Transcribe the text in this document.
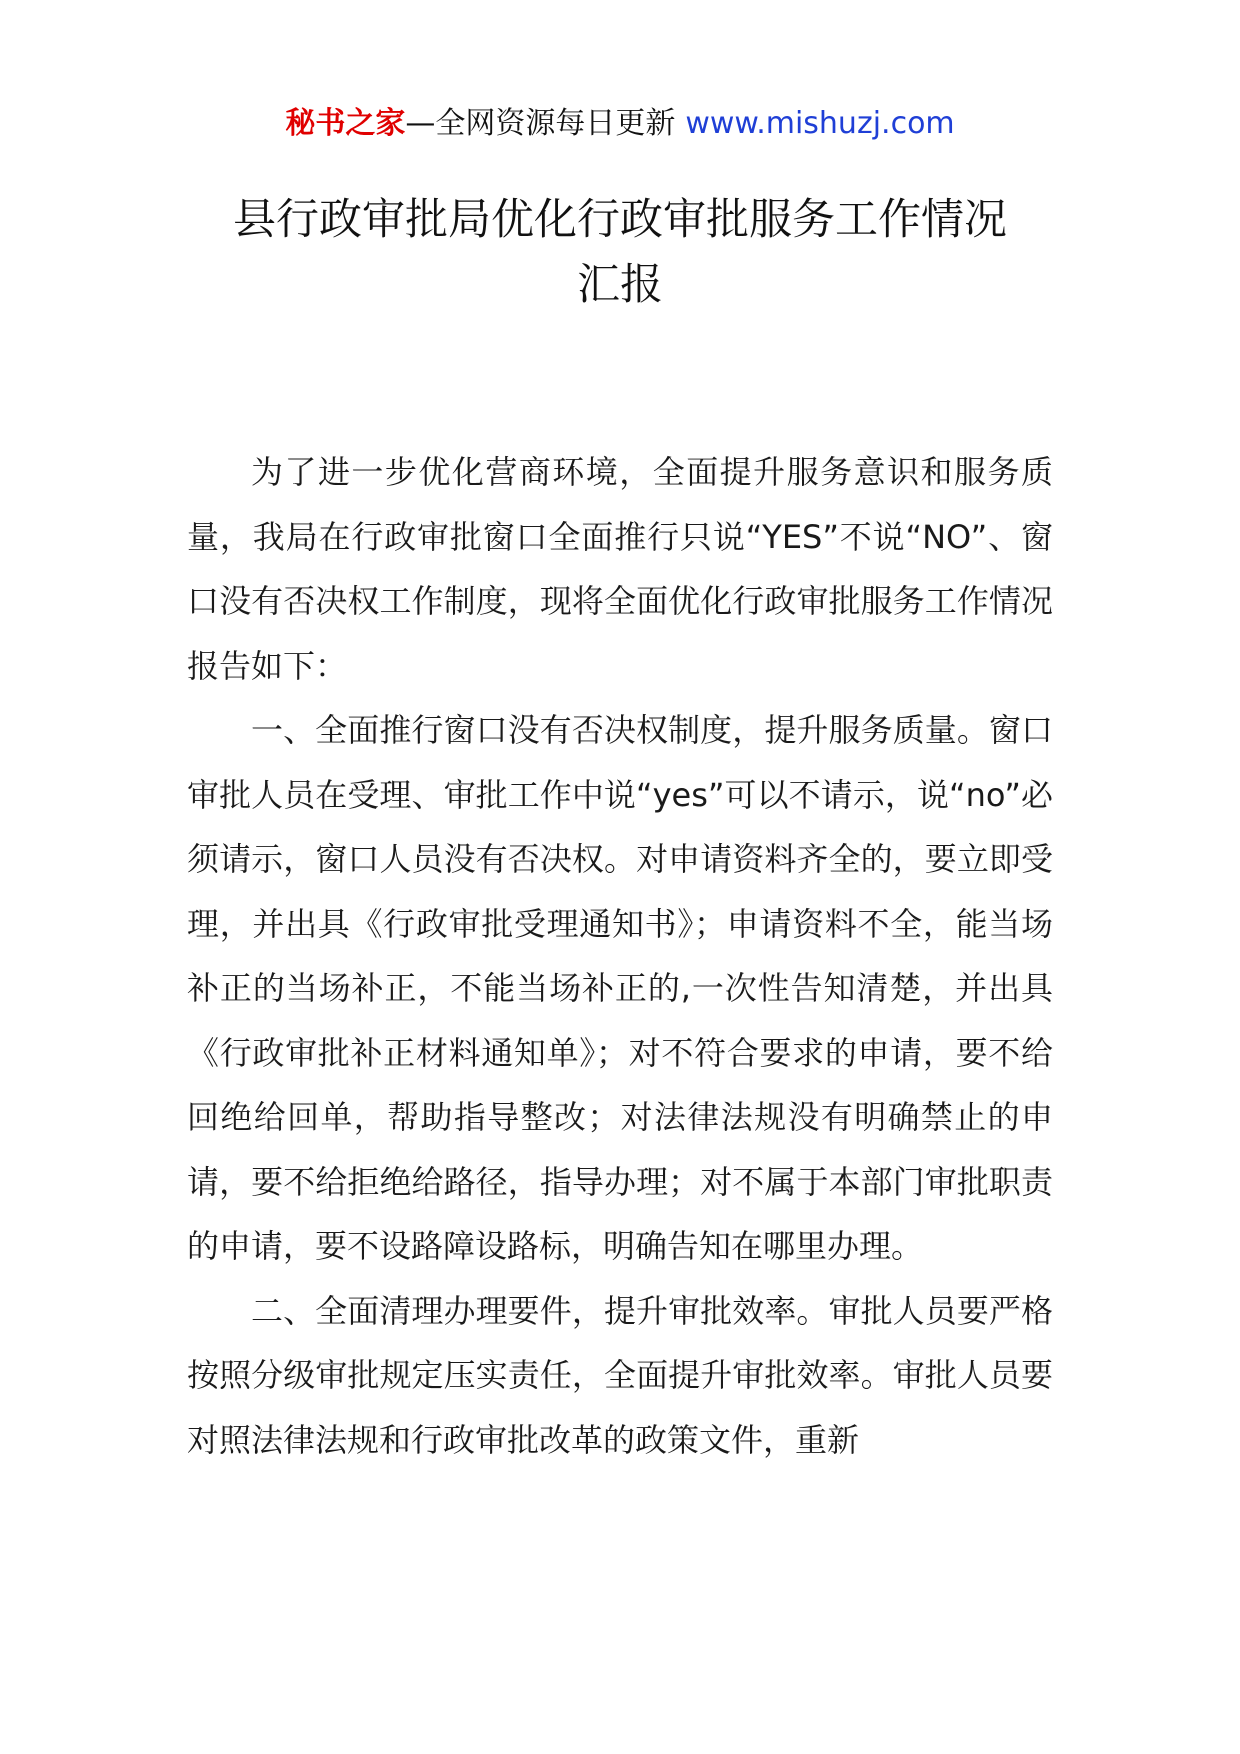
秘书之家—全网资源每日更新 www.mishuzj.com
县行政审批局优化行政审批服务工作情况
汇报

为了进一步优化营商环境，全面提升服务意识和服务质量，我局在行政审批窗口全面推行只说“YES”不说“NO”、窗口没有否决权工作制度，现将全面优化行政审批服务工作情况报告如下：

一、全面推行窗口没有否决权制度，提升服务质量。窗口审批人员在受理、审批工作中说“yes”可以不请示，说“no”必须请示，窗口人员没有否决权。对申请资料齐全的，要立即受理，并出具《行政审批受理通知书》；申请资料不全，能当场补正的当场补正，不能当场补正的,一次性告知清楚，并出具《行政审批补正材料通知单》；对不符合要求的申请，要不给回绝给回单，帮助指导整改；对法律法规没有明确禁止的申请，要不给拒绝给路径，指导办理；对不属于本部门审批职责的申请，要不设路障设路标，明确告知在哪里办理。

二、全面清理办理要件，提升审批效率。审批人员要严格按照分级审批规定压实责任，全面提升审批效率。审批人员要对照法律法规和行政审批改革的政策文件，重新
